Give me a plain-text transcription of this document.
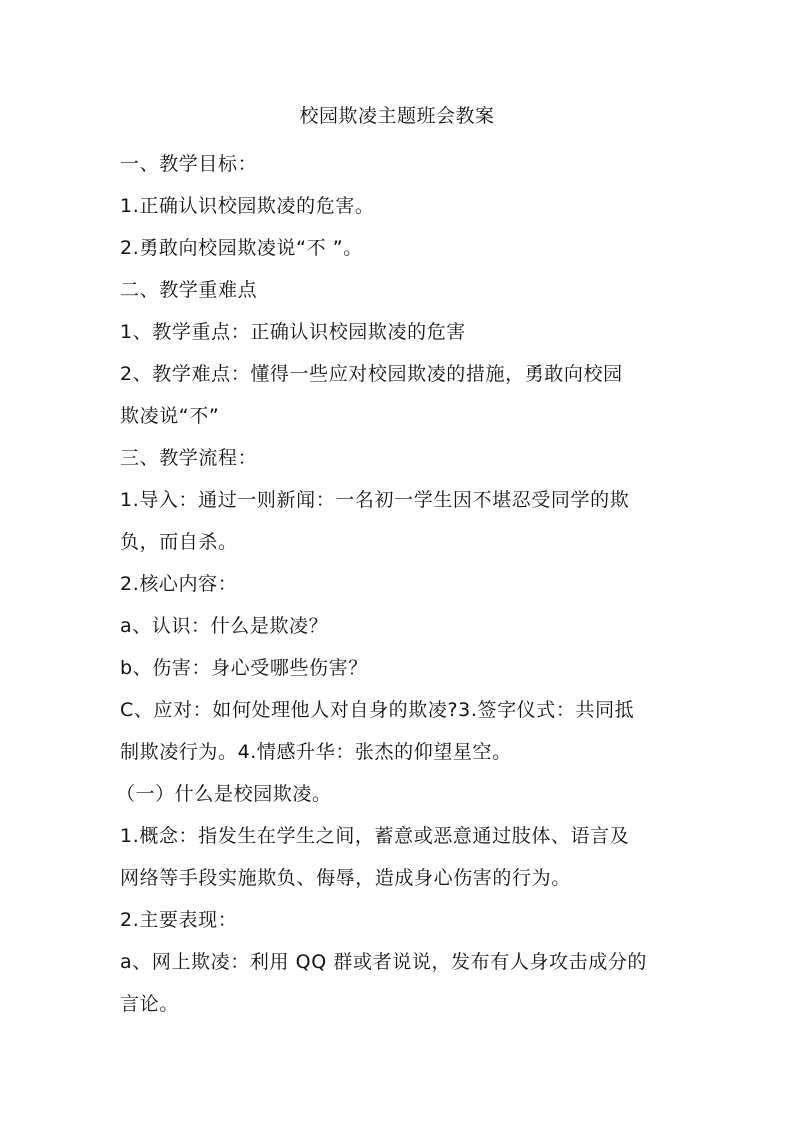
校园欺凌主题班会教案

一、教学目标：

1.正确认识校园欺凌的危害。

2.勇敢向校园欺凌说“不 ”。

二、教学重难点

1、教学重点：正确认识校园欺凌的危害

2、教学难点：懂得一些应对校园欺凌的措施，勇敢向校园

欺凌说“不”

三、教学流程：

1.导入：通过一则新闻：一名初一学生因不堪忍受同学的欺

负，而自杀。

2.核心内容：

a、认识：什么是欺凌？

b、伤害：身心受哪些伤害？

C、应对：如何处理他人对自身的欺凌?3.签字仪式：共同抵

制欺凌行为。4.情感升华：张杰的仰望星空。

（一）什么是校园欺凌。

1.概念：指发生在学生之间，蓄意或恶意通过肢体、语言及

网络等手段实施欺负、侮辱，造成身心伤害的行为。

2.主要表现：

a、网上欺凌：利用 QQ 群或者说说，发布有人身攻击成分的

言论。
